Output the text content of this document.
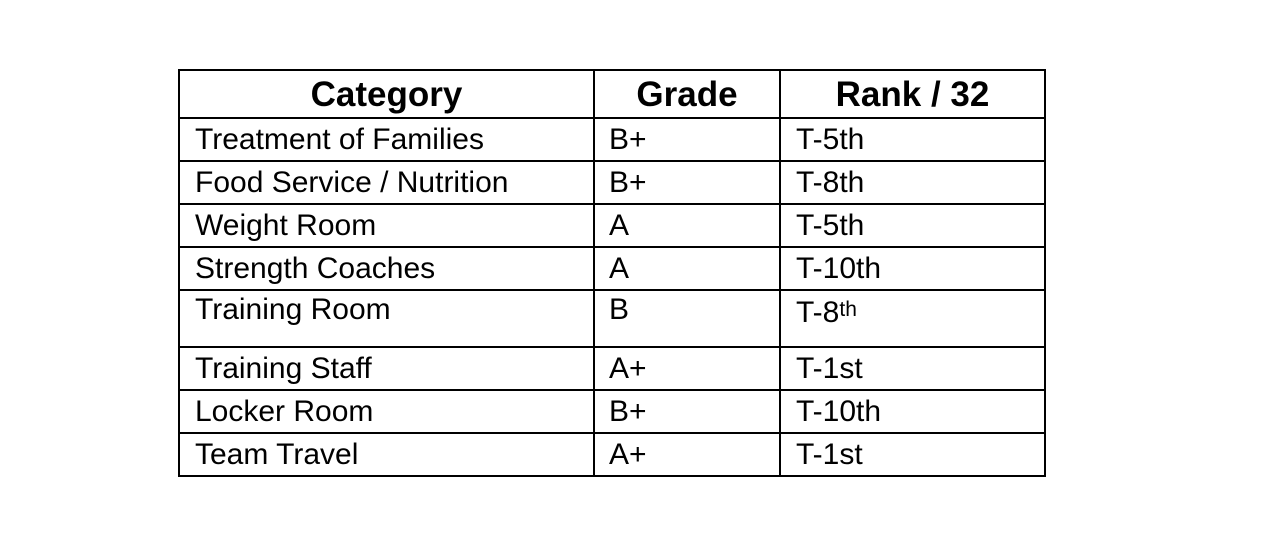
Category	Grade	Rank / 32
Treatment of Families	B+	T-5th
Food Service / Nutrition	B+	T-8th
Weight Room	A	T-5th
Strength Coaches	A	T-10th
Training Room	B	T-8th
Training Staff	A+	T-1st
Locker Room	B+	T-10th
Team Travel	A+	T-1st
